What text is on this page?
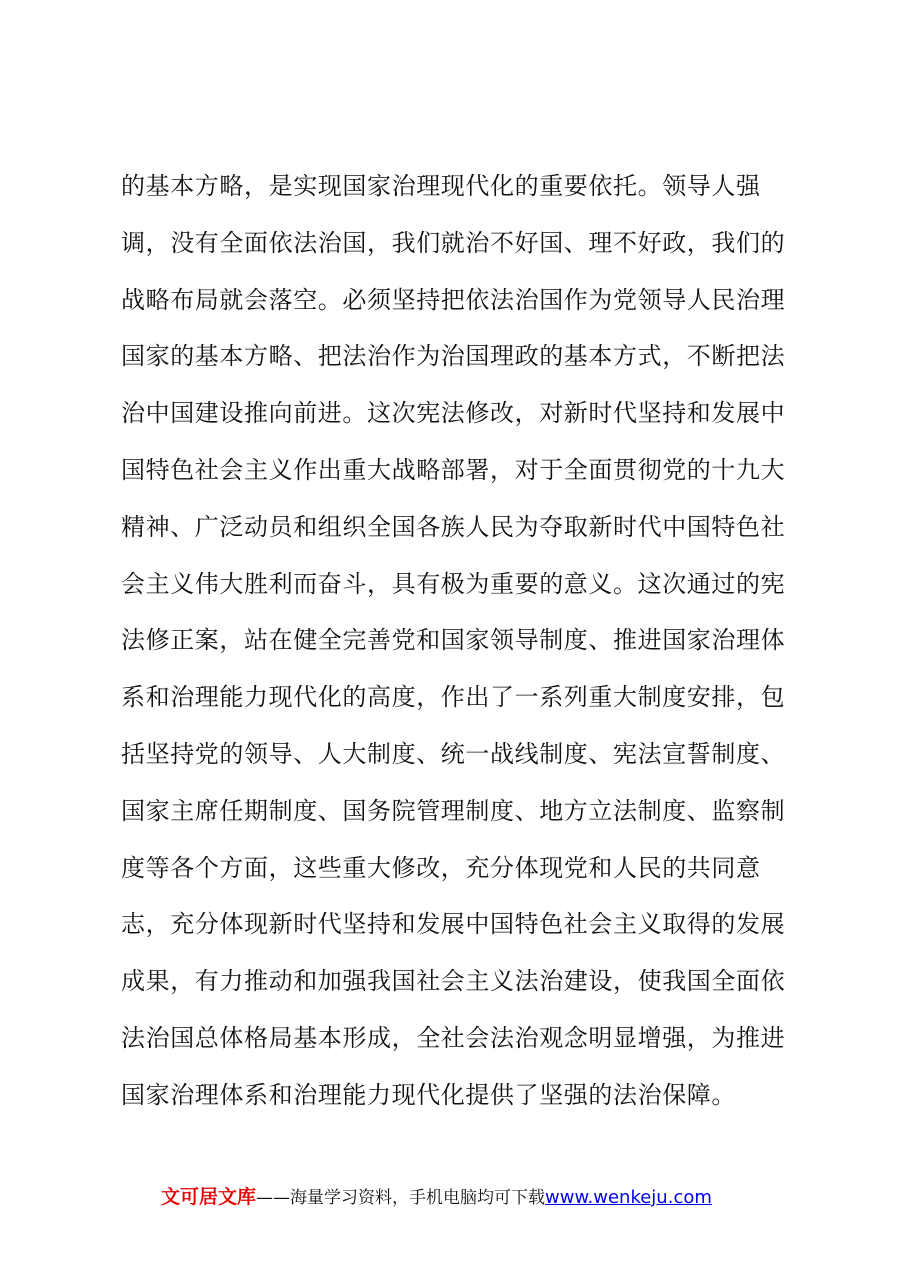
的基本方略，是实现国家治理现代化的重要依托。领导人强
调，没有全面依法治国，我们就治不好国、理不好政，我们的
战略布局就会落空。必须坚持把依法治国作为党领导人民治理
国家的基本方略、把法治作为治国理政的基本方式，不断把法
治中国建设推向前进。这次宪法修改，对新时代坚持和发展中
国特色社会主义作出重大战略部署，对于全面贯彻党的十九大
精神、广泛动员和组织全国各族人民为夺取新时代中国特色社
会主义伟大胜利而奋斗，具有极为重要的意义。这次通过的宪
法修正案，站在健全完善党和国家领导制度、推进国家治理体
系和治理能力现代化的高度，作出了一系列重大制度安排，包
括坚持党的领导、人大制度、统一战线制度、宪法宣誓制度、
国家主席任期制度、国务院管理制度、地方立法制度、监察制
度等各个方面，这些重大修改，充分体现党和人民的共同意
志，充分体现新时代坚持和发展中国特色社会主义取得的发展
成果，有力推动和加强我国社会主义法治建设，使我国全面依
法治国总体格局基本形成，全社会法治观念明显增强，为推进
国家治理体系和治理能力现代化提供了坚强的法治保障。
文可居文库——海量学习资料，手机电脑均可下载www.wenkeju.com
